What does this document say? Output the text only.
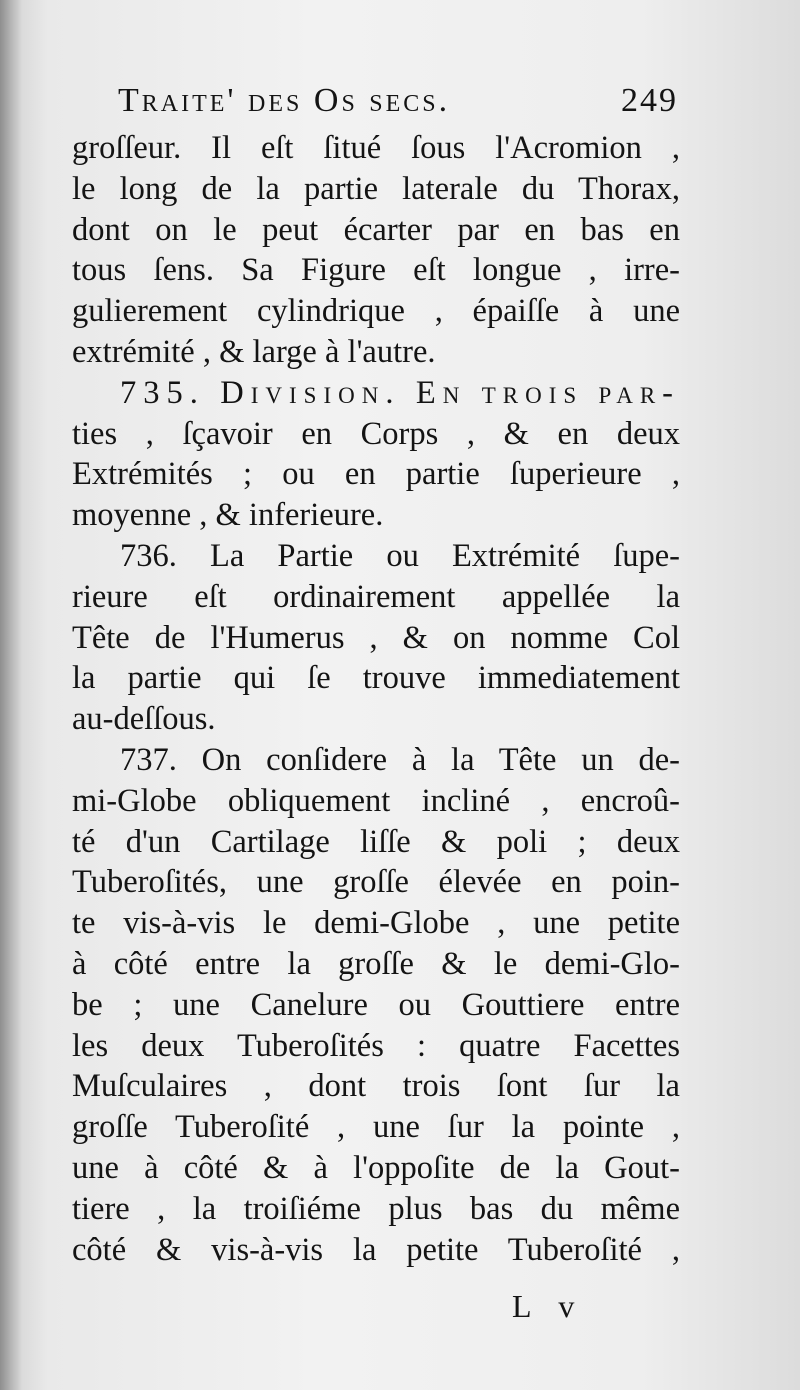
Traite' des Os secs.	249
groſſeur. Il eſt ſitué ſous l'Acromion ,
le long de la partie laterale du Thorax,
dont on le peut écarter par en bas en
tous ſens. Sa Figure eſt longue , irre-
gulierement cylindrique , épaiſſe à une
extrémité , & large à l'autre.
735. Division. En trois par-
ties , ſçavoir en Corps , & en deux
Extrémités ; ou en partie ſuperieure ,
moyenne , & inferieure.
736. La Partie ou Extrémité ſupe-
rieure eſt ordinairement appellée la
Tête de l'Humerus , & on nomme Col
la partie qui ſe trouve immediatement
au-deſſous.
737. On conſidere à la Tête un de-
mi-Globe obliquement incliné , encroû-
té d'un Cartilage liſſe & poli ; deux
Tuberoſités, une groſſe élevée en poin-
te vis-à-vis le demi-Globe , une petite
à côté entre la groſſe & le demi-Glo-
be ; une Canelure ou Gouttiere entre
les deux Tuberoſités : quatre Facettes
Muſculaires , dont trois ſont ſur la
groſſe Tuberoſité , une ſur la pointe ,
une à côté & à l'oppoſite de la Gout-
tiere , la troiſiéme plus bas du même
côté & vis-à-vis la petite Tuberoſité ,
L v
